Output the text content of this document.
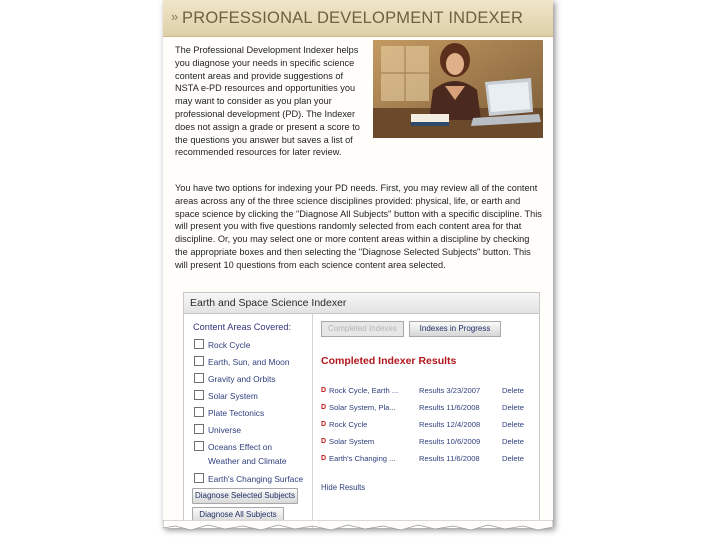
» PROFESSIONAL DEVELOPMENT INDEXER

The Professional Development Indexer helps you diagnose your needs in specific science content areas and provide suggestions of NSTA e-PD resources and opportunities you may want to consider as you plan your professional development (PD). The Indexer does not assign a grade or present a score to the questions you answer but saves a list of recommended resources for later review.

You have two options for indexing your PD needs. First, you may review all of the content areas across any of the three science disciplines provided: physical, life, or earth and space science by clicking the "Diagnose All Subjects" button with a specific discipline. This will present you with five questions randomly selected from each content area for that discipline. Or, you may select one or more content areas within a discipline by checking the appropriate boxes and then selecting the "Diagnose Selected Subjects" button. This will present 10 questions from each science content area selected.

Earth and Space Science Indexer
Content Areas Covered:
Rock Cycle
Earth, Sun, and Moon
Gravity and Orbits
Solar System
Plate Tectonics
Universe
Oceans Effect on
Weather and Climate
Earth's Changing Surface
Diagnose Selected Subjects
Diagnose All Subjects
Completed Indexes	Indexes in Progress
Completed Indexer Results
D Rock Cycle, Earth ...	Results 3/23/2007	Delete
D Solar System, Pla...	Results 11/6/2008	Delete
D Rock Cycle	Results 12/4/2008	Delete
D Solar System	Results 10/6/2009	Delete
D Earth's Changing ...	Results 11/6/2008	Delete
Hide Results
